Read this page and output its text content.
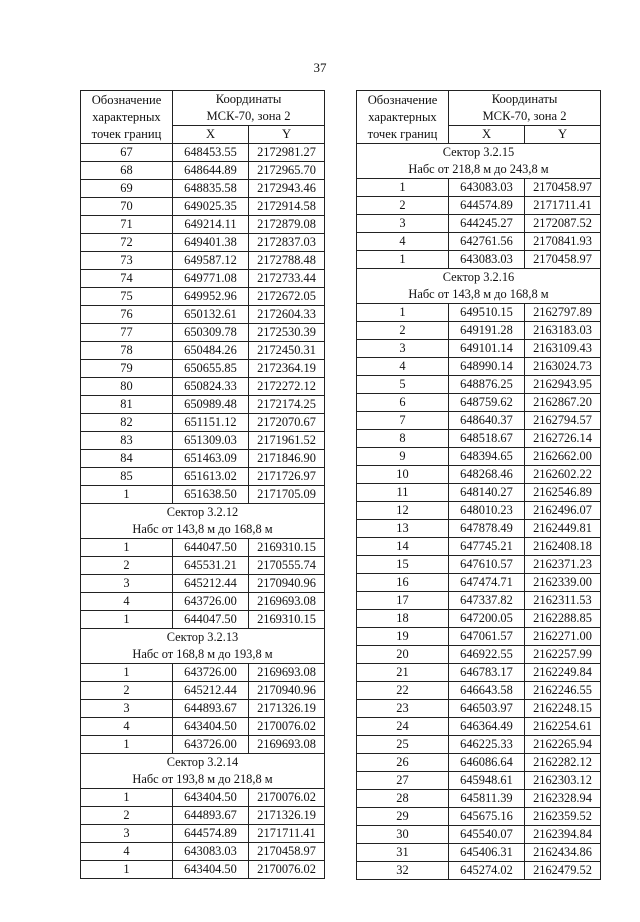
37
Обозначение
характерных
точек границ	Координаты	
	МСК-70, зона 2	
	X	Y
67	648453.55	2172981.27
68	648644.89	2172965.70
69	648835.58	2172943.46
70	649025.35	2172914.58
71	649214.11	2172879.08
72	649401.38	2172837.03
73	649587.12	2172788.48
74	649771.08	2172733.44
75	649952.96	2172672.05
76	650132.61	2172604.33
77	650309.78	2172530.39
78	650484.26	2172450.31
79	650655.85	2172364.19
80	650824.33	2172272.12
81	650989.48	2172174.25
82	651151.12	2172070.67
83	651309.03	2171961.52
84	651463.09	2171846.90
85	651613.02	2171726.97
1	651638.50	2171705.09
Сектор 3.2.12		
Набс от 143,8 м до 168,8 м		
1	644047.50	2169310.15
2	645531.21	2170555.74
3	645212.44	2170940.96
4	643726.00	2169693.08
1	644047.50	2169310.15
Сектор 3.2.13		
Набс от 168,8 м до 193,8 м		
1	643726.00	2169693.08
2	645212.44	2170940.96
3	644893.67	2171326.19
4	643404.50	2170076.02
1	643726.00	2169693.08
Сектор 3.2.14		
Набс от 193,8 м до 218,8 м		
1	643404.50	2170076.02
2	644893.67	2171326.19
3	644574.89	2171711.41
4	643083.03	2170458.97
1	643404.50	2170076.02
Обозначение
характерных
точек границ	Координаты	
	МСК-70, зона 2	
	X	Y
Сектор 3.2.15		
Набс от 218,8 м до 243,8 м		
1	643083.03	2170458.97
2	644574.89	2171711.41
3	644245.27	2172087.52
4	642761.56	2170841.93
1	643083.03	2170458.97
Сектор 3.2.16		
Набс от 143,8 м до 168,8 м		
1	649510.15	2162797.89
2	649191.28	2163183.03
3	649101.14	2163109.43
4	648990.14	2163024.73
5	648876.25	2162943.95
6	648759.62	2162867.20
7	648640.37	2162794.57
8	648518.67	2162726.14
9	648394.65	2162662.00
10	648268.46	2162602.22
11	648140.27	2162546.89
12	648010.23	2162496.07
13	647878.49	2162449.81
14	647745.21	2162408.18
15	647610.57	2162371.23
16	647474.71	2162339.00
17	647337.82	2162311.53
18	647200.05	2162288.85
19	647061.57	2162271.00
20	646922.55	2162257.99
21	646783.17	2162249.84
22	646643.58	2162246.55
23	646503.97	2162248.15
24	646364.49	2162254.61
25	646225.33	2162265.94
26	646086.64	2162282.12
27	645948.61	2162303.12
28	645811.39	2162328.94
29	645675.16	2162359.52
30	645540.07	2162394.84
31	645406.31	2162434.86
32	645274.02	2162479.52
